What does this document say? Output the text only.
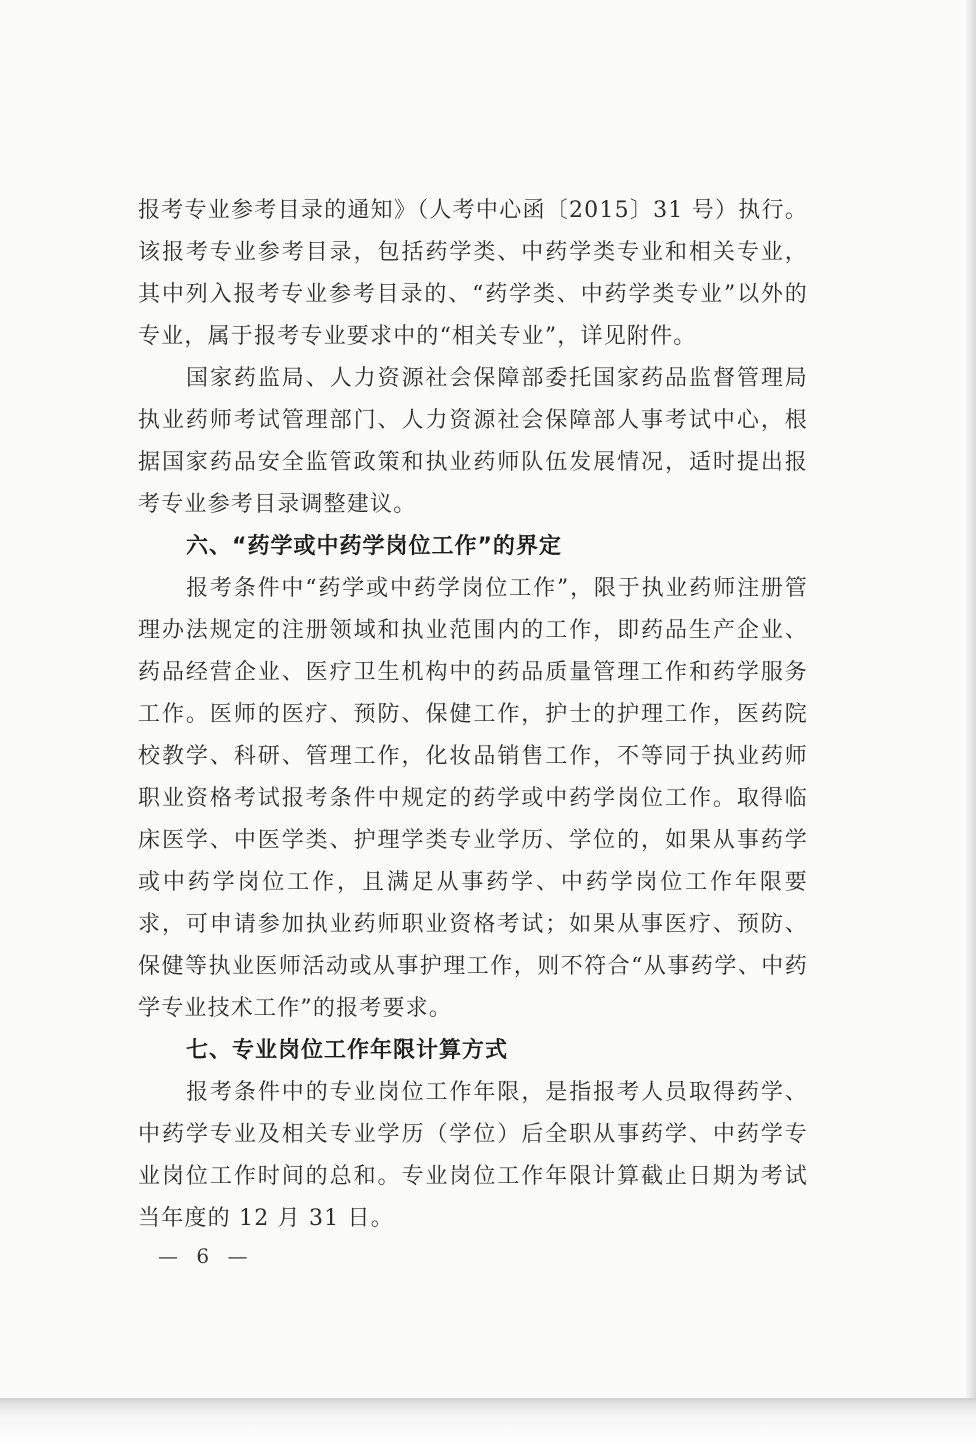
报考专业参考目录的通知》（人考中心函〔2015〕31 号）执行。该报考专业参考目录，包括药学类、中药学类专业和相关专业，其中列入报考专业参考目录的、“药学类、中药学类专业”以外的专业，属于报考专业要求中的“相关专业”，详见附件。

国家药监局、人力资源社会保障部委托国家药品监督管理局执业药师考试管理部门、人力资源社会保障部人事考试中心，根据国家药品安全监管政策和执业药师队伍发展情况，适时提出报考专业参考目录调整建议。

六、“药学或中药学岗位工作”的界定

报考条件中“药学或中药学岗位工作”，限于执业药师注册管理办法规定的注册领域和执业范围内的工作，即药品生产企业、药品经营企业、医疗卫生机构中的药品质量管理工作和药学服务工作。医师的医疗、预防、保健工作，护士的护理工作，医药院校教学、科研、管理工作，化妆品销售工作，不等同于执业药师职业资格考试报考条件中规定的药学或中药学岗位工作。取得临床医学、中医学类、护理学类专业学历、学位的，如果从事药学或中药学岗位工作，且满足从事药学、中药学岗位工作年限要求，可申请参加执业药师职业资格考试；如果从事医疗、预防、保健等执业医师活动或从事护理工作，则不符合“从事药学、中药学专业技术工作”的报考要求。

七、专业岗位工作年限计算方式

报考条件中的专业岗位工作年限，是指报考人员取得药学、中药学专业及相关专业学历（学位）后全职从事药学、中药学专业岗位工作时间的总和。专业岗位工作年限计算截止日期为考试当年度的 12 月 31 日。

— 6 —
